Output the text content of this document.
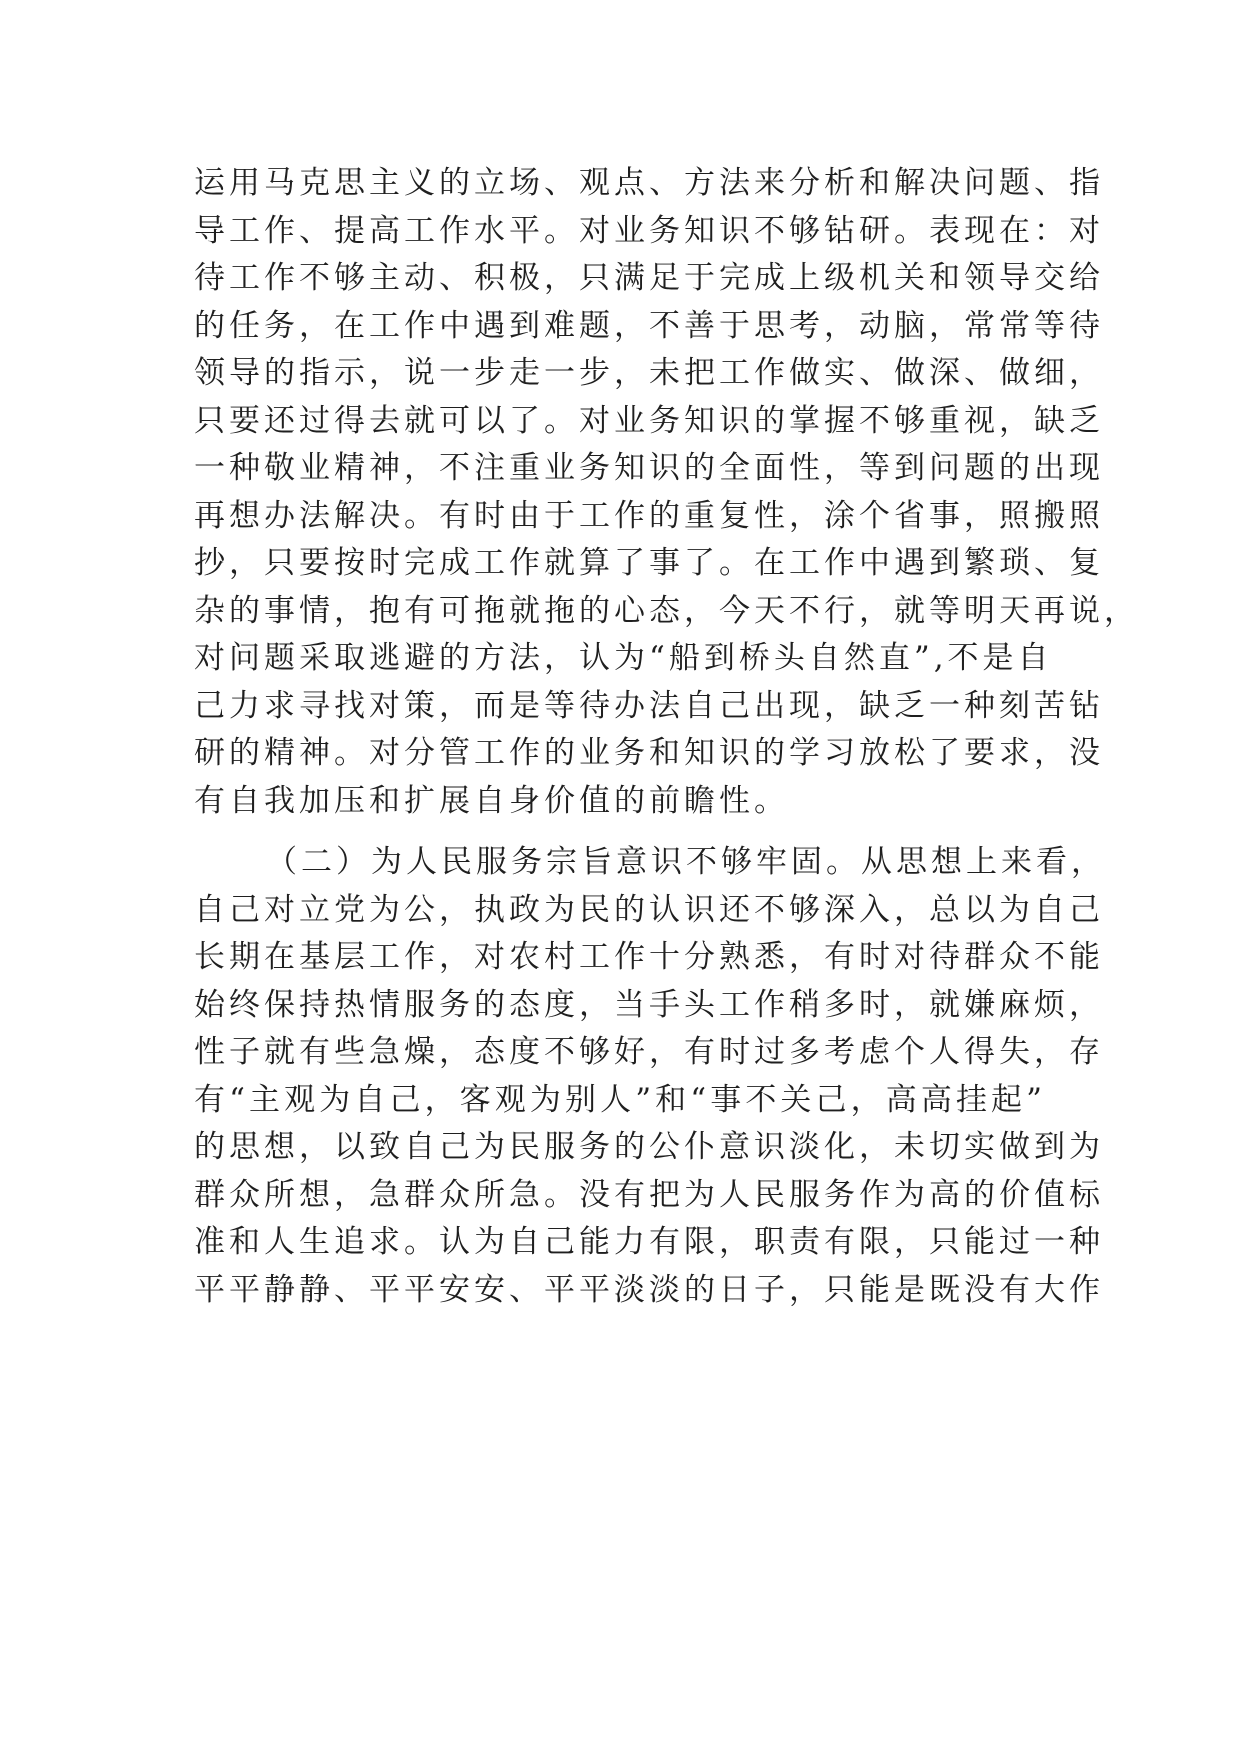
运用马克思主义的立场、观点、方法来分析和解决问题、指
导工作、提高工作水平。对业务知识不够钻研。表现在：对
待工作不够主动、积极，只满足于完成上级机关和领导交给
的任务，在工作中遇到难题，不善于思考，动脑，常常等待
领导的指示，说一步走一步，未把工作做实、做深、做细，
只要还过得去就可以了。对业务知识的掌握不够重视，缺乏
一种敬业精神，不注重业务知识的全面性，等到问题的出现
再想办法解决。有时由于工作的重复性，涂个省事，照搬照
抄，只要按时完成工作就算了事了。在工作中遇到繁琐、复
杂的事情，抱有可拖就拖的心态，今天不行，就等明天再说，
对问题采取逃避的方法，认为“船到桥头自然直”,不是自
己力求寻找对策，而是等待办法自己出现，缺乏一种刻苦钻
研的精神。对分管工作的业务和知识的学习放松了要求，没
有自我加压和扩展自身价值的前瞻性。
（二）为人民服务宗旨意识不够牢固。从思想上来看，
自己对立党为公，执政为民的认识还不够深入，总以为自己
长期在基层工作，对农村工作十分熟悉，有时对待群众不能
始终保持热情服务的态度，当手头工作稍多时，就嫌麻烦，
性子就有些急燥，态度不够好，有时过多考虑个人得失，存
有“主观为自己，客观为别人”和“事不关己，高高挂起”
的思想，以致自己为民服务的公仆意识淡化，未切实做到为
群众所想，急群众所急。没有把为人民服务作为高的价值标
准和人生追求。认为自己能力有限，职责有限，只能过一种
平平静静、平平安安、平平淡淡的日子，只能是既没有大作
